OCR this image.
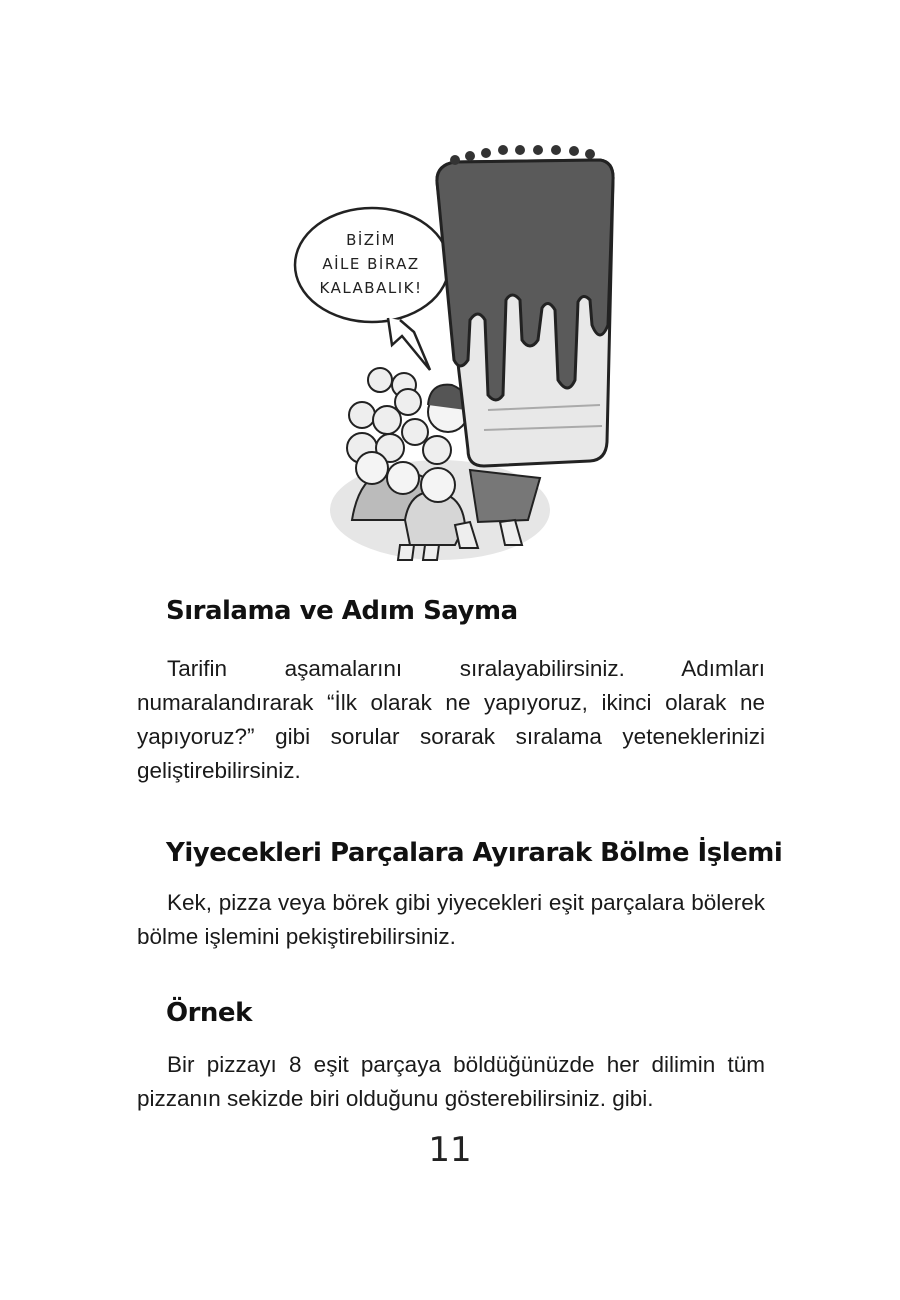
BİZİM
AİLE BİRAZ
KALABALIK!
Sıralama ve Adım Sayma

Tarifin aşamalarını sıralayabilirsiniz. Adımları numaralandırarak “İlk olarak ne yapıyoruz, ikinci olarak ne yapıyoruz?” gibi sorular sorarak sıralama yeteneklerinizi geliştirebilirsiniz.

Yiyecekleri Parçalara Ayırarak Bölme İşlemi

Kek, pizza veya börek gibi yiyecekleri eşit parçalara bölerek bölme işlemini pekiştirebilirsiniz.

Örnek

Bir pizzayı 8 eşit parçaya böldüğünüzde her dilimin tüm pizzanın sekizde biri olduğunu gösterebilirsiniz. gibi.

11
